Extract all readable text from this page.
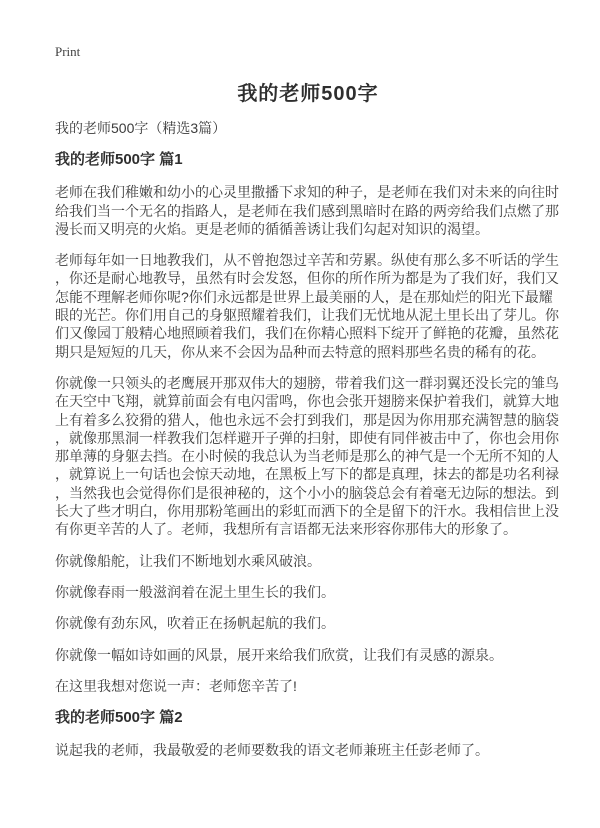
Print
我的老师500字
我的老师500字（精选3篇）
我的老师500字 篇1

老师在我们稚嫩和幼小的心灵里撒播下求知的种子，是老师在我们对未来的向往时给我们当一个无名的指路人，是老师在我们感到黑暗时在路的两旁给我们点燃了那漫长而又明亮的火焰。更是老师的循循善诱让我们勾起对知识的渴望。

老师每年如一日地教我们，从不曾抱怨过辛苦和劳累。纵使有那么多不听话的学生，你还是耐心地教导，虽然有时会发怒，但你的所作所为都是为了我们好，我们又怎能不理解老师你呢?你们永远都是世界上最美丽的人，是在那灿烂的阳光下最耀眼的光芒。你们用自己的身躯照耀着我们，让我们无忧地从泥土里长出了芽儿。你们又像园丁般精心地照顾着我们，我们在你精心照料下绽开了鲜艳的花瓣，虽然花期只是短短的几天，你从来不会因为品种而去特意的照料那些名贵的稀有的花。

你就像一只领头的老鹰展开那双伟大的翅膀，带着我们这一群羽翼还没长完的雏鸟在天空中飞翔，就算前面会有电闪雷鸣，你也会张开翅膀来保护着我们，就算大地上有着多么狡猾的猎人，他也永远不会打到我们，那是因为你用那充满智慧的脑袋，就像那黑洞一样教我们怎样避开子弹的扫射，即使有同伴被击中了，你也会用你那单薄的身躯去挡。在小时候的我总认为当老师是那么的神气是一个无所不知的人，就算说上一句话也会惊天动地，在黑板上写下的都是真理，抹去的都是功名利禄，当然我也会觉得你们是很神秘的，这个小小的脑袋总会有着毫无边际的想法。到长大了些才明白，你用那粉笔画出的彩虹而洒下的全是留下的汗水。我相信世上没有你更辛苦的人了。老师，我想所有言语都无法来形容你那伟大的形象了。

你就像船舵，让我们不断地划水乘风破浪。

你就像春雨一般滋润着在泥土里生长的我们。

你就像有劲东风，吹着正在扬帆起航的我们。

你就像一幅如诗如画的风景，展开来给我们欣赏，让我们有灵感的源泉。

在这里我想对您说一声：老师您辛苦了!

我的老师500字 篇2

说起我的老师，我最敬爱的老师要数我的语文老师兼班主任彭老师了。
